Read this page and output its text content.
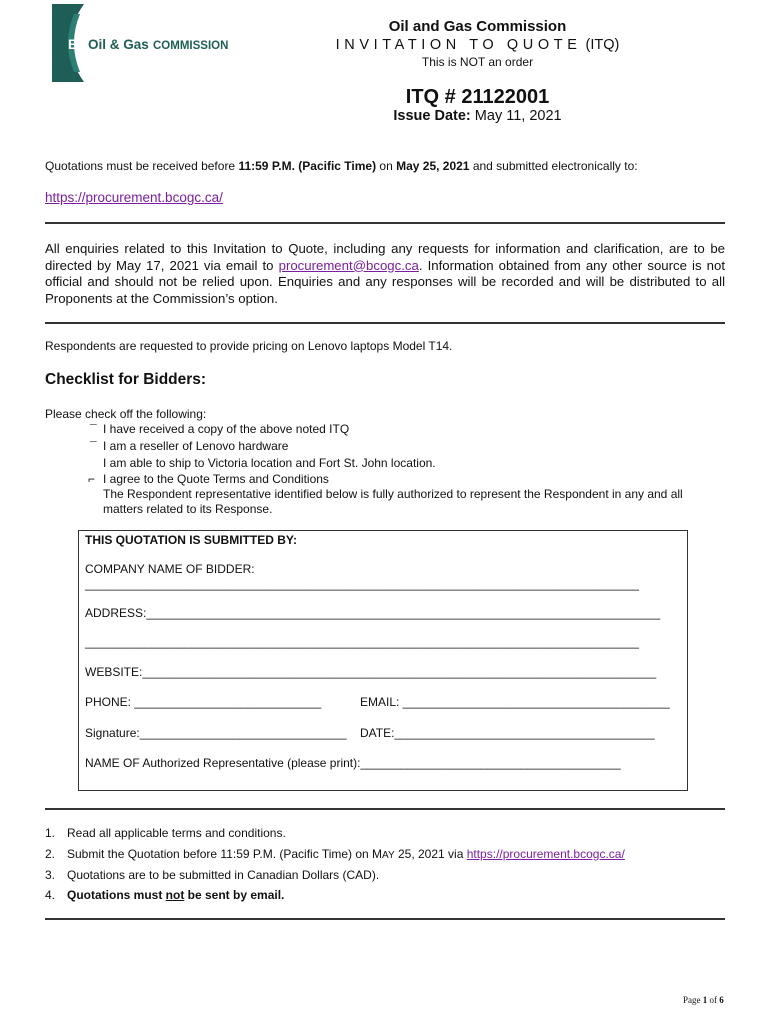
BC Oil & Gas COMMISSION
Oil and Gas Commission
INVITATION TO QUOTE (ITQ)
This is NOT an order
ITQ # 21122001
Issue Date: May 11, 2021
Quotations must be received before 11:59 P.M. (Pacific Time) on May 25, 2021 and submitted electronically to:
https://procurement.bcogc.ca/
All enquiries related to this Invitation to Quote, including any requests for information and clarification, are to be directed by May 17, 2021 via email to procurement@bcogc.ca. Information obtained from any other source is not official and should not be relied upon. Enquiries and any responses will be recorded and will be distributed to all Proponents at the Commission’s option.
Respondents are requested to provide pricing on Lenovo laptops Model T14.
Checklist for Bidders:
Please check off the following:
¯ I have received a copy of the above noted ITQ
¯ I am a reseller of Lenovo hardware
I am able to ship to Victoria location and Fort St. John location.
⌐ I agree to the Quote Terms and Conditions
The Respondent representative identified below is fully authorized to represent the Respondent in any and all
matters related to its Response.
THIS QUOTATION IS SUBMITTED BY:
COMPANY NAME OF BIDDER:
___________________________________________________________________________________
ADDRESS:_____________________________________________________________________________
___________________________________________________________________________________
WEBSITE:_____________________________________________________________________________
PHONE: ____________________________	EMAIL: ________________________________________
Signature:_______________________________ DATE:_______________________________________
NAME OF Authorized Representative (please print):_______________________________________
1. Read all applicable terms and conditions.
2. Submit the Quotation before 11:59 P.M. (Pacific Time) on MAY 25, 2021 via https://procurement.bcogc.ca/
3. Quotations are to be submitted in Canadian Dollars (CAD).
4. Quotations must not be sent by email.
Page 1 of 6
